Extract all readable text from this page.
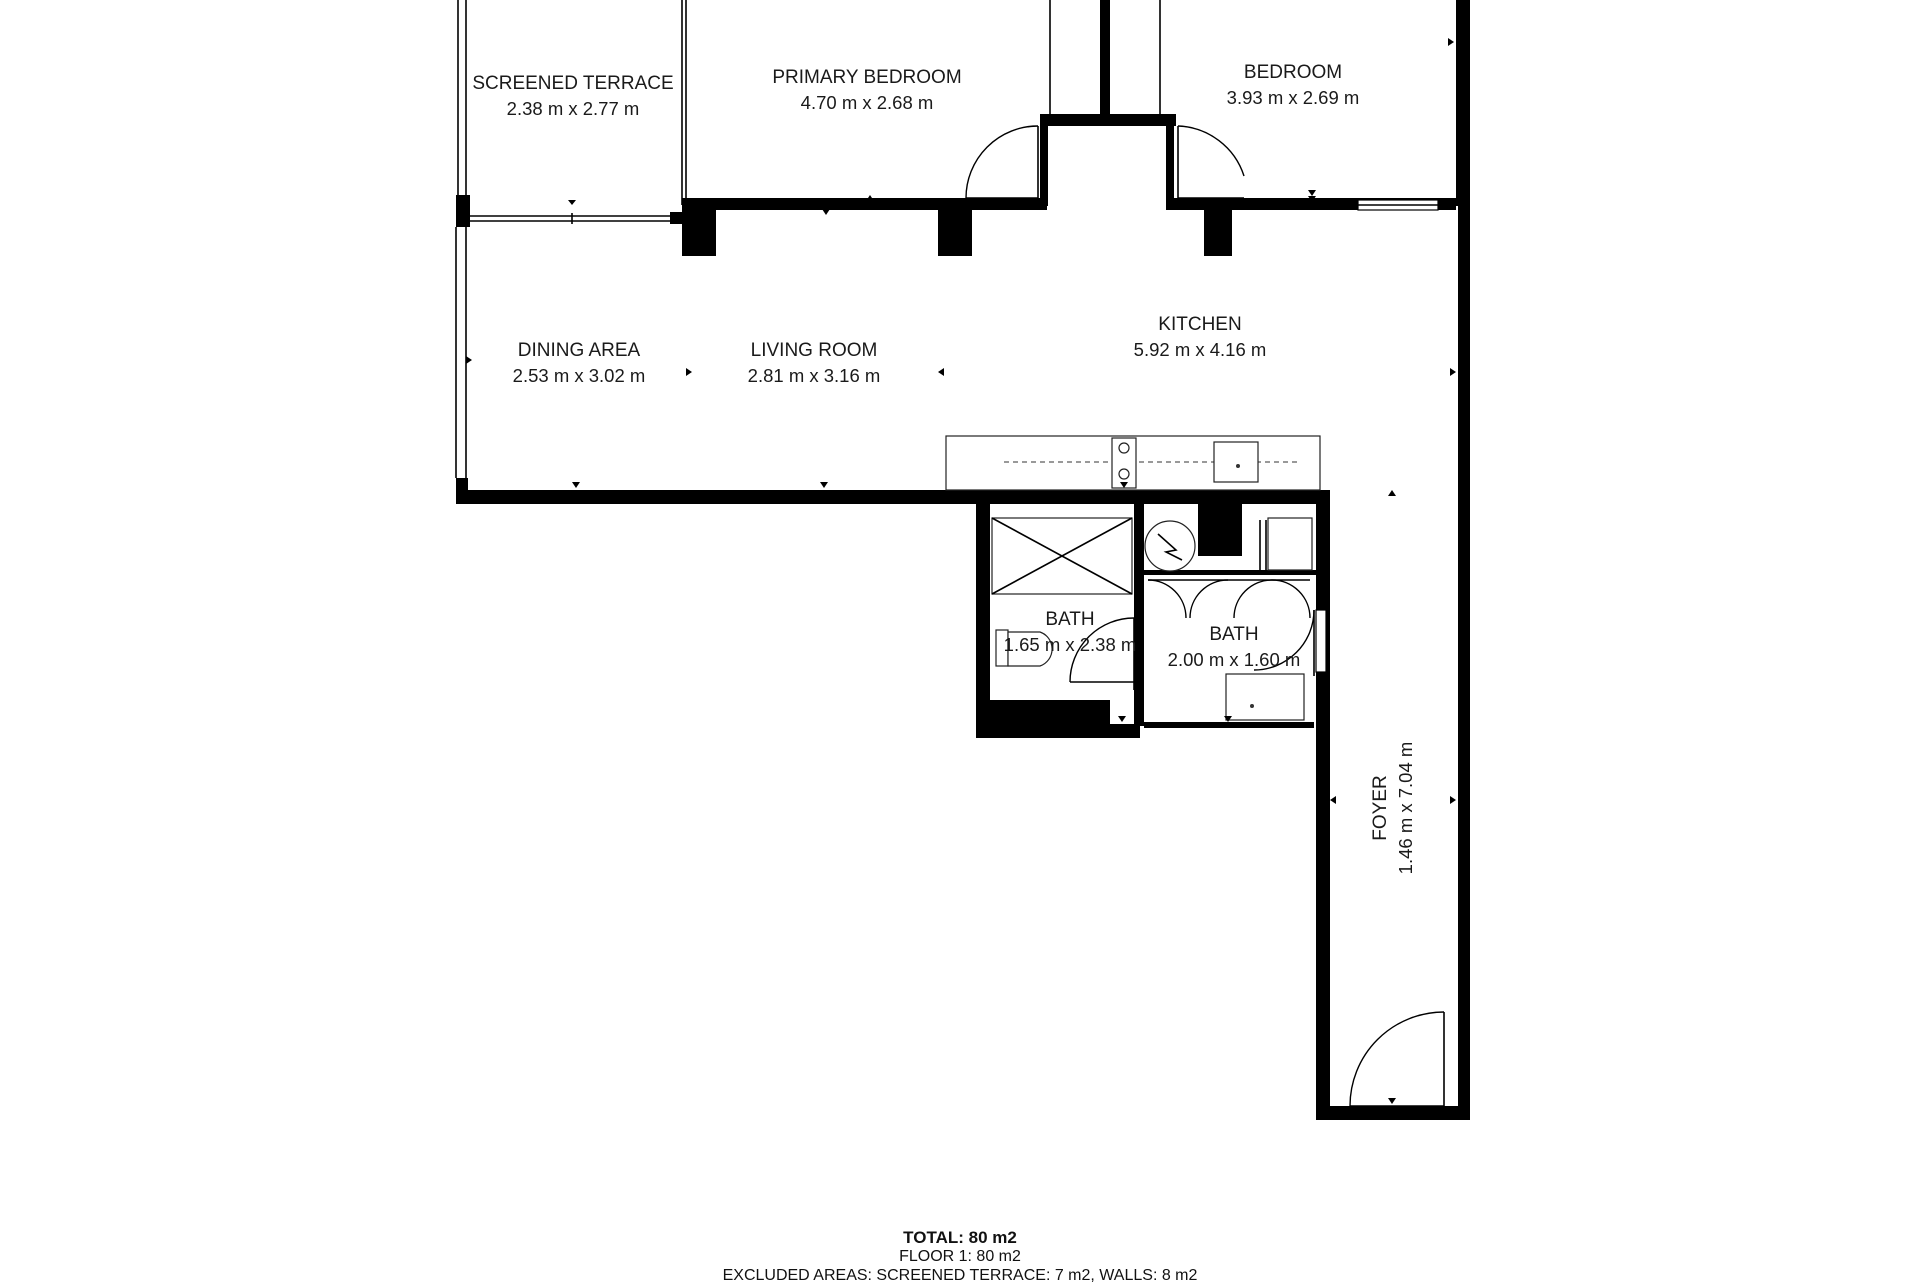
SCREENED TERRACE
2.38 m x 2.77 m
PRIMARY BEDROOM
4.70 m x 2.68 m
BEDROOM
3.93 m x 2.69 m
DINING AREA
2.53 m x 3.02 m
LIVING ROOM
2.81 m x 3.16 m
KITCHEN
5.92 m x 4.16 m
BATH
1.65 m x 2.38 m	BATH
2.00 m x 1.60 m
FOYER 1.46 m x 7.04 m
TOTAL: 80 m2
FLOOR 1: 80 m2
EXCLUDED AREAS: SCREENED TERRACE: 7 m2, WALLS: 8 m2
